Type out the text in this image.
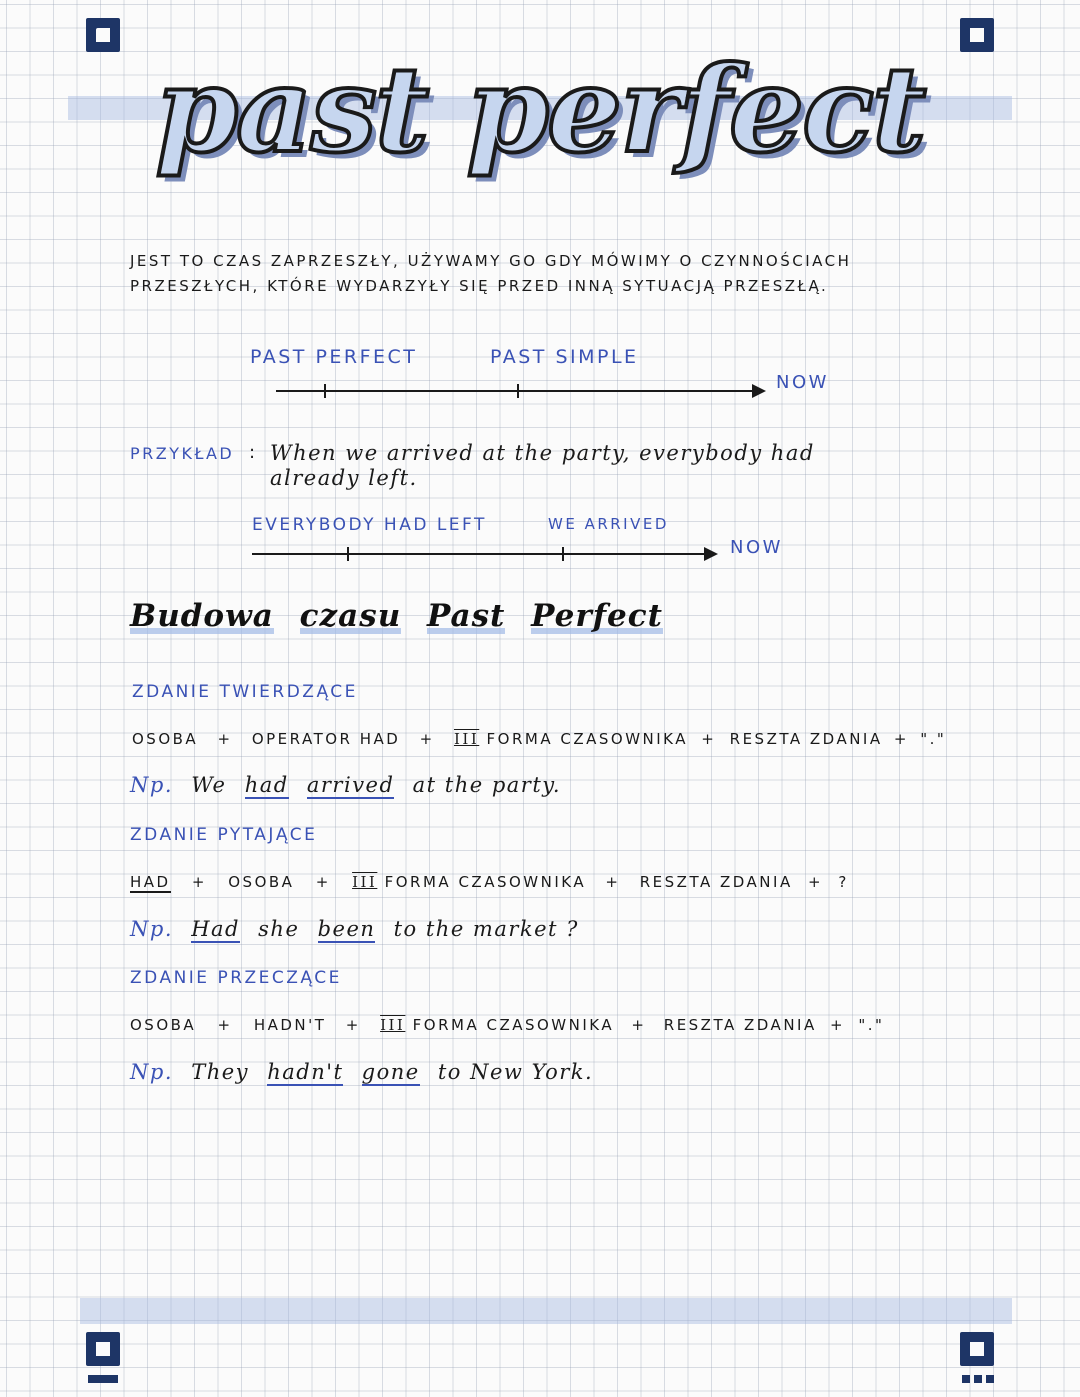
past perfect
JEST TO CZAS ZAPRZESZŁY, UŻYWAMY GO GDY MÓWIMY O CZYNNOŚCIACH
PRZESZŁYCH, KTÓRE WYDARZYŁY SIĘ PRZED INNĄ SYTUACJĄ PRZESZŁĄ.
PAST PERFECT	PAST SIMPLE
NOW
PRZYKŁAD : When we arrived at the party, everybody had
already left.
EVERYBODY HAD LEFT	WE ARRIVED
NOW
Budowa czasu Past Perfect
ZDANIE TWIERDZĄCE
OSOBA + OPERATOR HAD + III FORMA CZASOWNIKA + RESZTA ZDANIA + "."
Np. We had arrived at the party.
ZDANIE PYTAJĄCE
HAD + OSOBA + III FORMA CZASOWNIKA + RESZTA ZDANIA + ?
Np. Had she been to the market ?
ZDANIE PRZECZĄCE
OSOBA + HADN'T + III FORMA CZASOWNIKA + RESZTA ZDANIA + "."
Np. They hadn't gone to New York.
